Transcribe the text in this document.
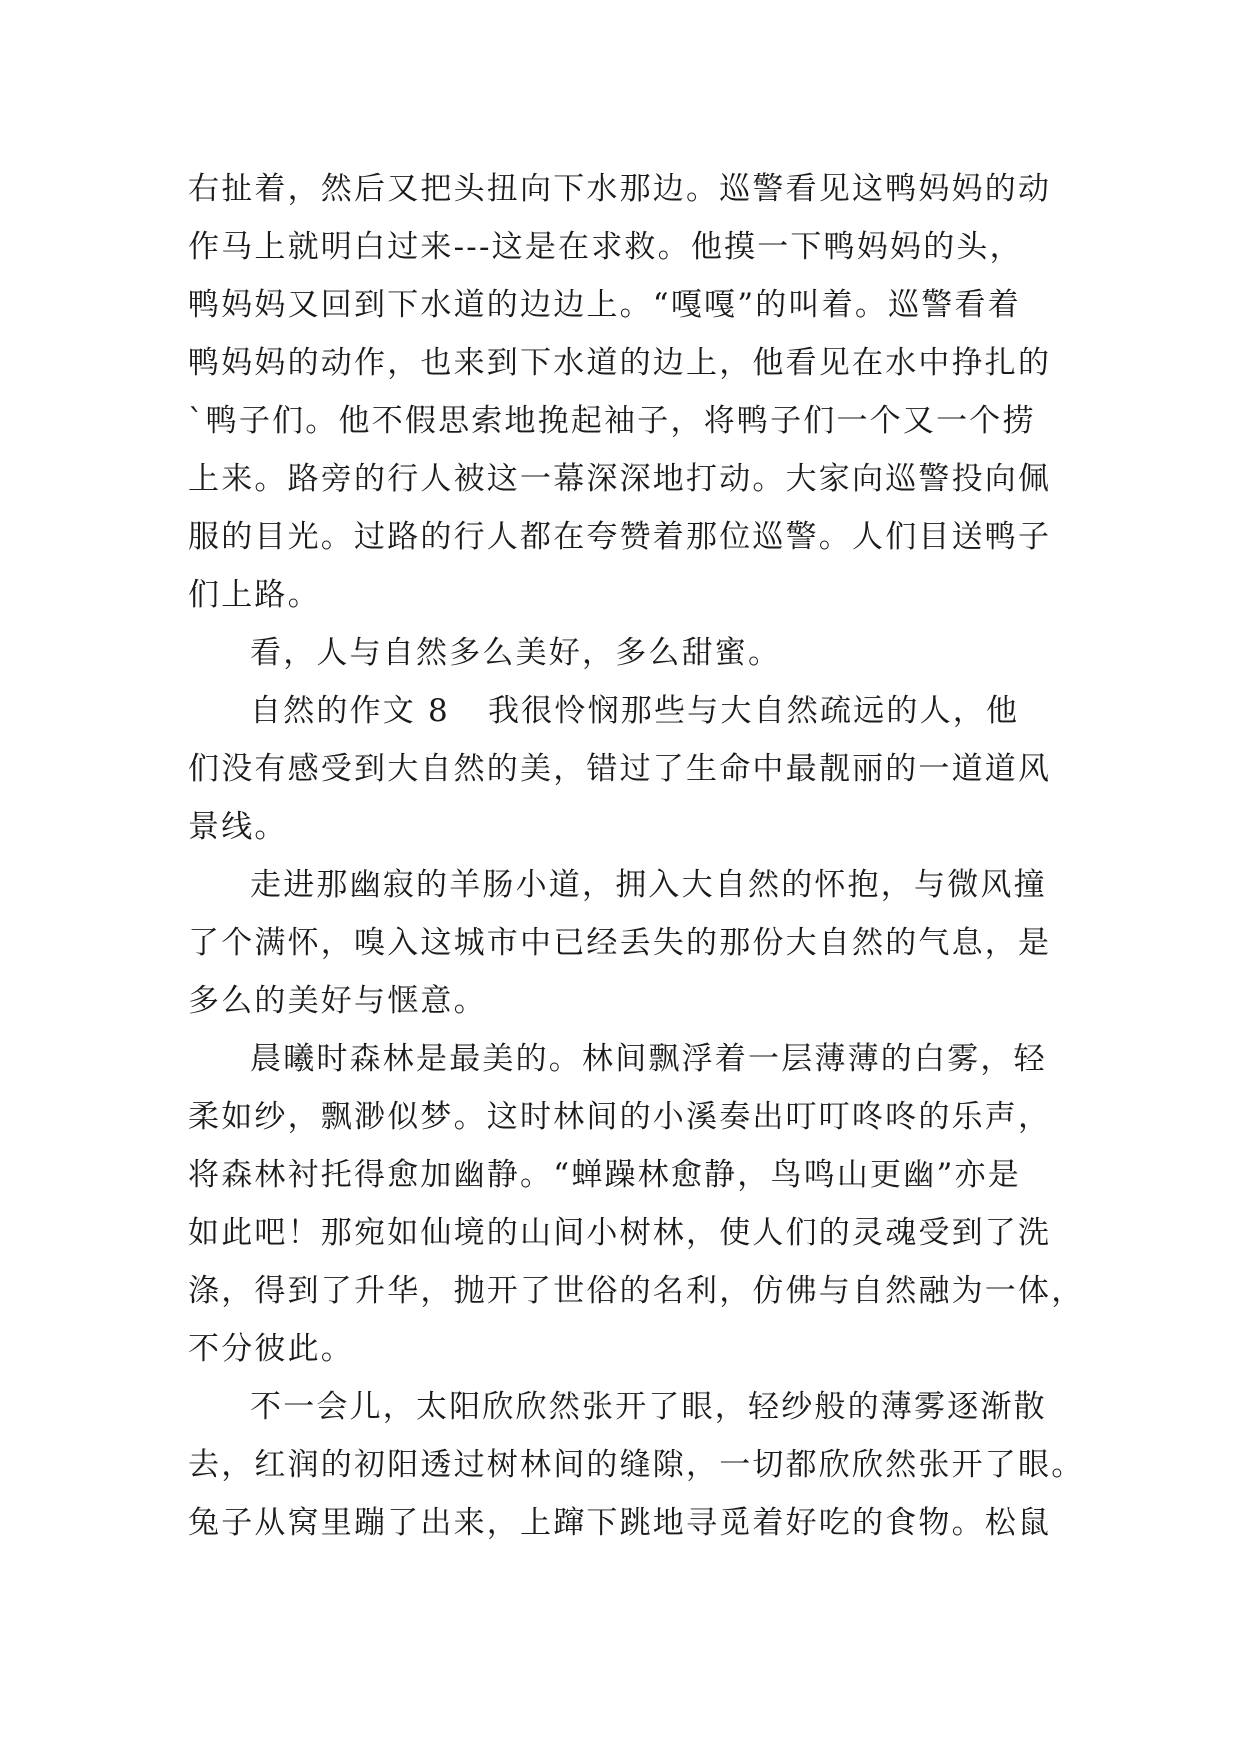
右扯着，然后又把头扭向下水那边。巡警看见这鸭妈妈的动
作马上就明白过来---这是在求救。他摸一下鸭妈妈的头，
鸭妈妈又回到下水道的边边上。“嘎嘎”的叫着。巡警看着
鸭妈妈的动作，也来到下水道的边上，他看见在水中挣扎的
`鸭子们。他不假思索地挽起袖子，将鸭子们一个又一个捞
上来。路旁的行人被这一幕深深地打动。大家向巡警投向佩
服的目光。过路的行人都在夸赞着那位巡警。人们目送鸭子
们上路。
看，人与自然多么美好，多么甜蜜。
自然的作文 8 我很怜悯那些与大自然疏远的人，他
们没有感受到大自然的美，错过了生命中最靓丽的一道道风
景线。
走进那幽寂的羊肠小道，拥入大自然的怀抱，与微风撞
了个满怀，嗅入这城市中已经丢失的那份大自然的气息，是
多么的美好与惬意。
晨曦时森林是最美的。林间飘浮着一层薄薄的白雾，轻
柔如纱，飘渺似梦。这时林间的小溪奏出叮叮咚咚的乐声，
将森林衬托得愈加幽静。“蝉躁林愈静，鸟鸣山更幽”亦是
如此吧！那宛如仙境的山间小树林，使人们的灵魂受到了洗
涤，得到了升华，抛开了世俗的名利，仿佛与自然融为一体，
不分彼此。
不一会儿，太阳欣欣然张开了眼，轻纱般的薄雾逐渐散
去，红润的初阳透过树林间的缝隙，一切都欣欣然张开了眼。
兔子从窝里蹦了出来，上蹿下跳地寻觅着好吃的食物。松鼠
